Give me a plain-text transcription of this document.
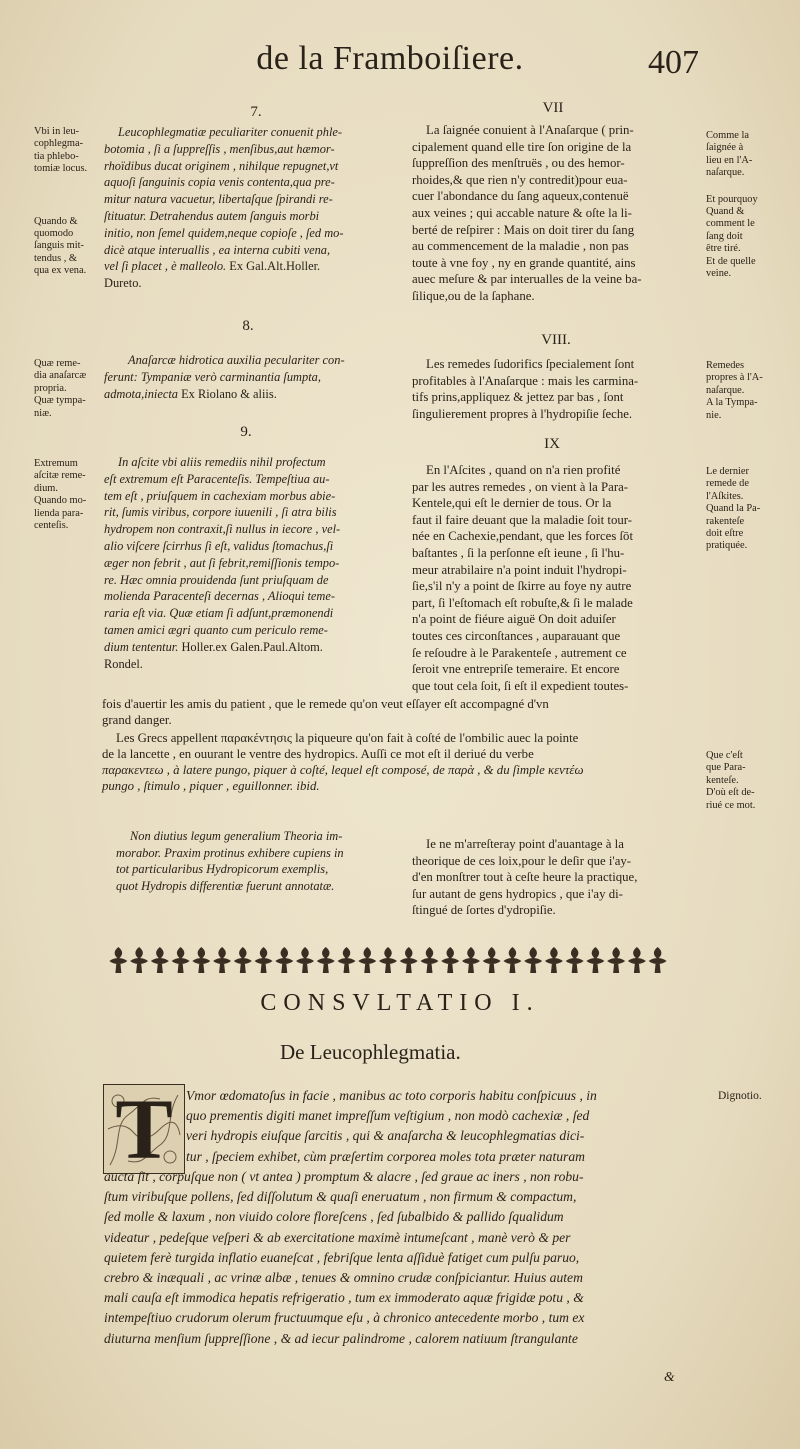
de la Framboiſiere.	407
7.
Vbi in leu-
cophlegma-
tia phlebo-
tomiæ locus.
Quando &
quomodo
ſanguis mit-
tendus , &
qua ex vena.
Leucophlegmatiæ peculiariter conuenit phle-
botomia , ſi a ſuppreſſis , menſibus,aut hæmor-
rhoïdibus ducat originem , nihilque repugnet,vt
aquoſi ſanguinis copia venis contenta,qua pre-
mitur natura vacuetur, libertaſque ſpirandi re-
ſtituatur. Detrahendus autem ſanguis morbi
initio, non ſemel quidem,neque copioſe , ſed mo-
dicè atque interuallis , ea interna cubiti vena,
vel ſi placet , è malleolo. Ex Gal.Alt.Holler.
Dureto.
8.
Quæ reme-
dia anaſarcæ
propria.
Quæ tympa-
niæ.
Anaſarcæ hidrotica auxilia peculariter con-
ferunt: Tympaniæ verò carminantia ſumpta,
admota,iniecta Ex Riolano & aliis.
9.
Extremum
aſcitæ reme-
dium.
Quando mo-
lienda para-
centeſis.
In aſcite vbi aliis remediis nihil profectum
eſt extremum eſt Paracenteſis. Tempeſtiua au-
tem eſt , priuſquem in cachexiam morbus abie-
rit, ſumis viribus, corpore iuuenili , ſi atra bilis
hydropem non contraxit,ſi nullus in iecore , vel-
alio viſcere ſcirrhus ſi eſt, validus ſtomachus,ſi
æger non febrit , aut ſi febrit,remiſſionis tempo-
re. Hæc omnia prouidenda ſunt priuſquam de
molienda Paracenteſi decernas , Alioqui teme-
raria eſt via. Quæ etiam ſi adſunt,præmonendi
tamen amici ægri quanto cum periculo reme-
dium tententur. Holler.ex Galen.Paul.Altom.
Rondel.
VII
La ſaignée conuient à l'Anaſarque ( prin-
cipalement quand elle tire ſon origine de la
ſuppreſſion des menſtruës , ou des hemor-
rhoides,& que rien n'y contredit)pour eua-
cuer l'abondance du ſang aqueux,contenuë
aux veines ; qui accable nature & oſte la li-
berté de reſpirer : Mais on doit tirer du ſang
au commencement de la maladie , non pas
toute à vne foy , ny en grande quantité, ains
auec meſure & par interualles de la veine ba-
ſilique,ou de la ſaphane.
Comme la
ſaignée à
lieu en l'A-
naſarque.
Et pourquoy
Quand &
comment le
ſang doit
être tiré.
Et de quelle
veine.
VIII.
Les remedes ſudorifics ſpecialement ſont
profitables à l'Anaſarque : mais les carmina-
tifs prins,appliquez & jettez par bas , ſont
ſingulierement propres à l'hydropiſie ſeche.
Remedes
propres à l'A-
naſarque.
A la Tympa-
nie.
IX
En l'Aſcites , quand on n'a rien profité
par les autres remedes , on vient à la Para-
Kentele,qui eſt le dernier de tous. Or la
faut il faire deuant que la maladie ſoit tour-
née en Cachexie,pendant, que les forces ſōt
baſtantes , ſi la perſonne eſt ieune , ſi l'hu-
meur atrabilaire n'a point induit l'hydropi-
ſie,s'il n'y a point de ſkirre au foye ny autre
part, ſi l'eſtomach eſt robuſte,& ſi le malade
n'a point de fiéure aiguë On doit aduiſer
toutes ces circonſtances , auparauant que
ſe reſoudre à le Parakenteſe , autrement ce
ſeroit vne entrepriſe temeraire. Et encore
que tout cela ſoit, ſi eſt il expedient toutes-
Le dernier
remede de
l'Aſkites.
Quand la Pa-
rakenteſe
doit eſtre
pratiquée.
fois d'auertir les amis du patient , que le remede qu'on veut eſſayer eſt accompagné d'vn
grand danger.
Les Grecs appellent παρακέντησις la piqueure qu'on fait à coſté de l'ombilic auec la pointe
de la lancette , en ouurant le ventre des hydropics. Auſſi ce mot eſt il deriué du verbe
παρακεντεω , à latere pungo, piquer à coſté, lequel eſt composé, de παρὰ , & du ſimple κεντέω
pungo , ſtimulo , piquer , eguillonner. ibid.
Que c'eſt
que Para-
kenteſe.
D'où eſt de-
riué ce mot.
Non diutius legum generalium Theoria im-
morabor. Praxim protinus exhibere cupiens in
tot particularibus Hydropicorum exemplis,
quot Hydropis differentiæ fuerunt annotatæ.
Ie ne m'arreſteray point d'auantage à la
theorique de ces loix,pour le deſir que i'ay-
d'en monſtrer tout à ceſte heure la practique,
ſur autant de gens hydropics , que i'ay di-
ſtingué de ſortes d'ydropiſie.
CONSVLTATIO I.
De Leucophlegmatia.
T	Dignotio.
Vmor œdomatoſus in facie , manibus ac toto corporis habitu conſpicuus , in
quo prementis digiti manet impreſſum veſtigium , non modò cachexiæ , ſed
veri hydropis eiuſque ſarcitis , qui & anaſarcha & leucophlegmatias dici-
tur , ſpeciem exhibet, cùm præſertim corporea moles tota præter naturam
aucta ſit , corpuſque non ( vt antea ) promptum & alacre , ſed graue ac iners , non robu-
ſtum viribuſque pollens, ſed diſſolutum & quaſi eneruatum , non firmum & compactum,
ſed molle & laxum , non viuido colore floreſcens , ſed ſubalbido & pallido ſqualidum
videatur , pedeſque veſperi & ab exercitatione maximè intumeſcant , manè verò & per
quietem ferè turgida inflatio euaneſcat , febriſque lenta aſſiduè fatiget cum pulſu paruo,
crebro & inæquali , ac vrinæ albæ , tenues & omnino crudæ conſpiciantur. Huius autem
mali cauſa eſt immodica hepatis refrigeratio , tum ex immoderato aquæ frigidæ potu , &
intempeſtiuo crudorum olerum fructuumque eſu , à chronico antecedente morbo , tum ex
diuturna menſium ſuppreſſione , & ad iecur palindrome , calorem natiuum ſtrangulante
&
